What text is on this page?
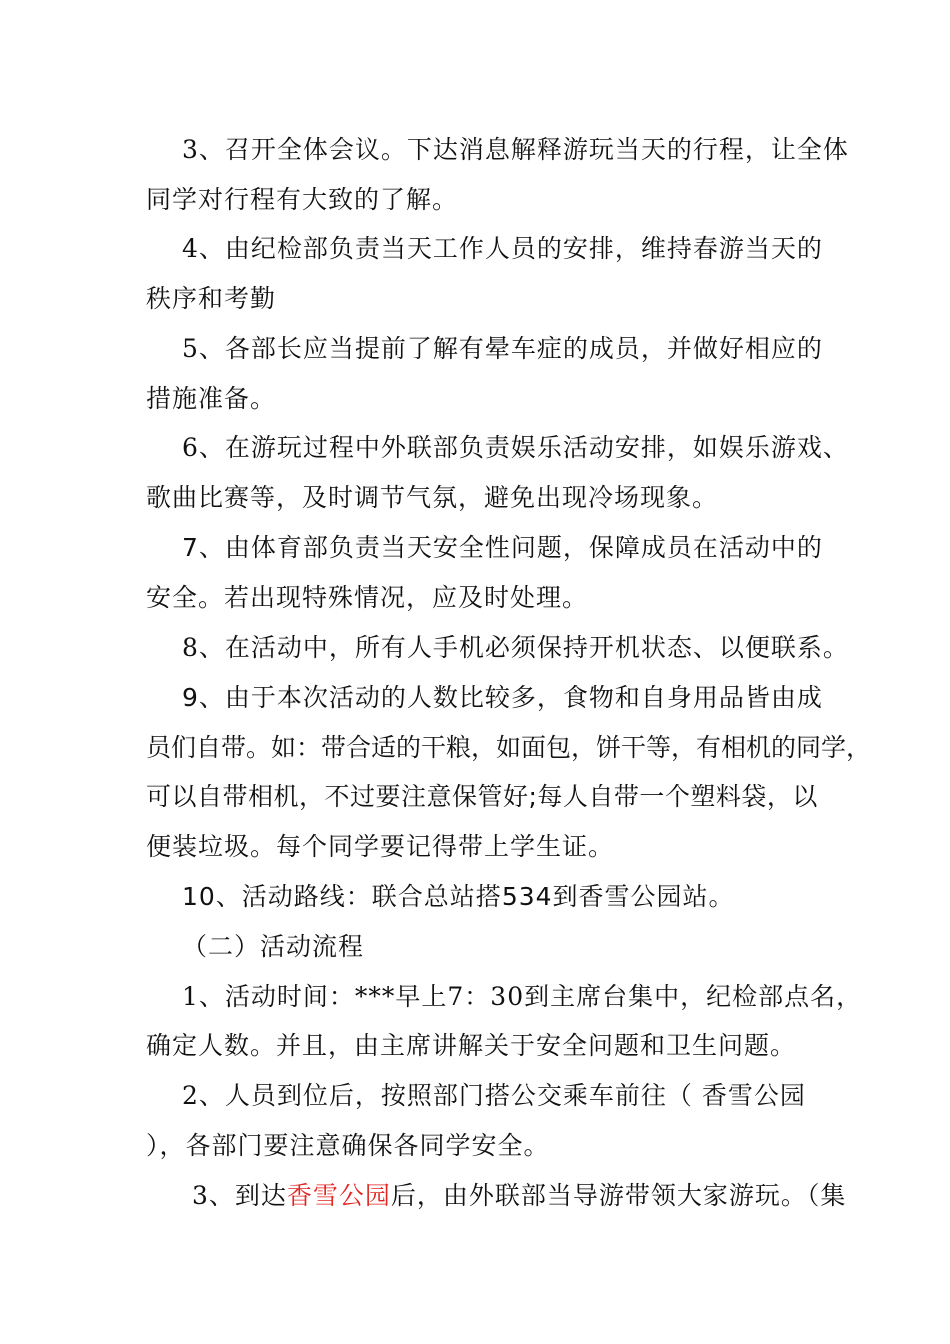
3、召开全体会议。下达消息解释游玩当天的行程，让全体
同学对行程有大致的了解。
4、由纪检部负责当天工作人员的安排，维持春游当天的
秩序和考勤
5、各部长应当提前了解有晕车症的成员，并做好相应的
措施准备。
6、在游玩过程中外联部负责娱乐活动安排，如娱乐游戏、
歌曲比赛等，及时调节气氛，避免出现冷场现象。
7、由体育部负责当天安全性问题，保障成员在活动中的
安全。若出现特殊情况，应及时处理。
8、在活动中，所有人手机必须保持开机状态、以便联系。
9、由于本次活动的人数比较多，食物和自身用品皆由成
员们自带。如：带合适的干粮，如面包，饼干等，有相机的同学，
可以自带相机，不过要注意保管好;每人自带一个塑料袋，以
便装垃圾。每个同学要记得带上学生证。
10、活动路线：联合总站搭534到香雪公园站。
（二）活动流程
1、活动时间：***早上7：30到主席台集中，纪检部点名，
确定人数。并且，由主席讲解关于安全问题和卫生问题。
2、人员到位后，按照部门搭公交乘车前往（ 香雪公园
），各部门要注意确保各同学安全。
3、到达香雪公园后，由外联部当导游带领大家游玩。（集
